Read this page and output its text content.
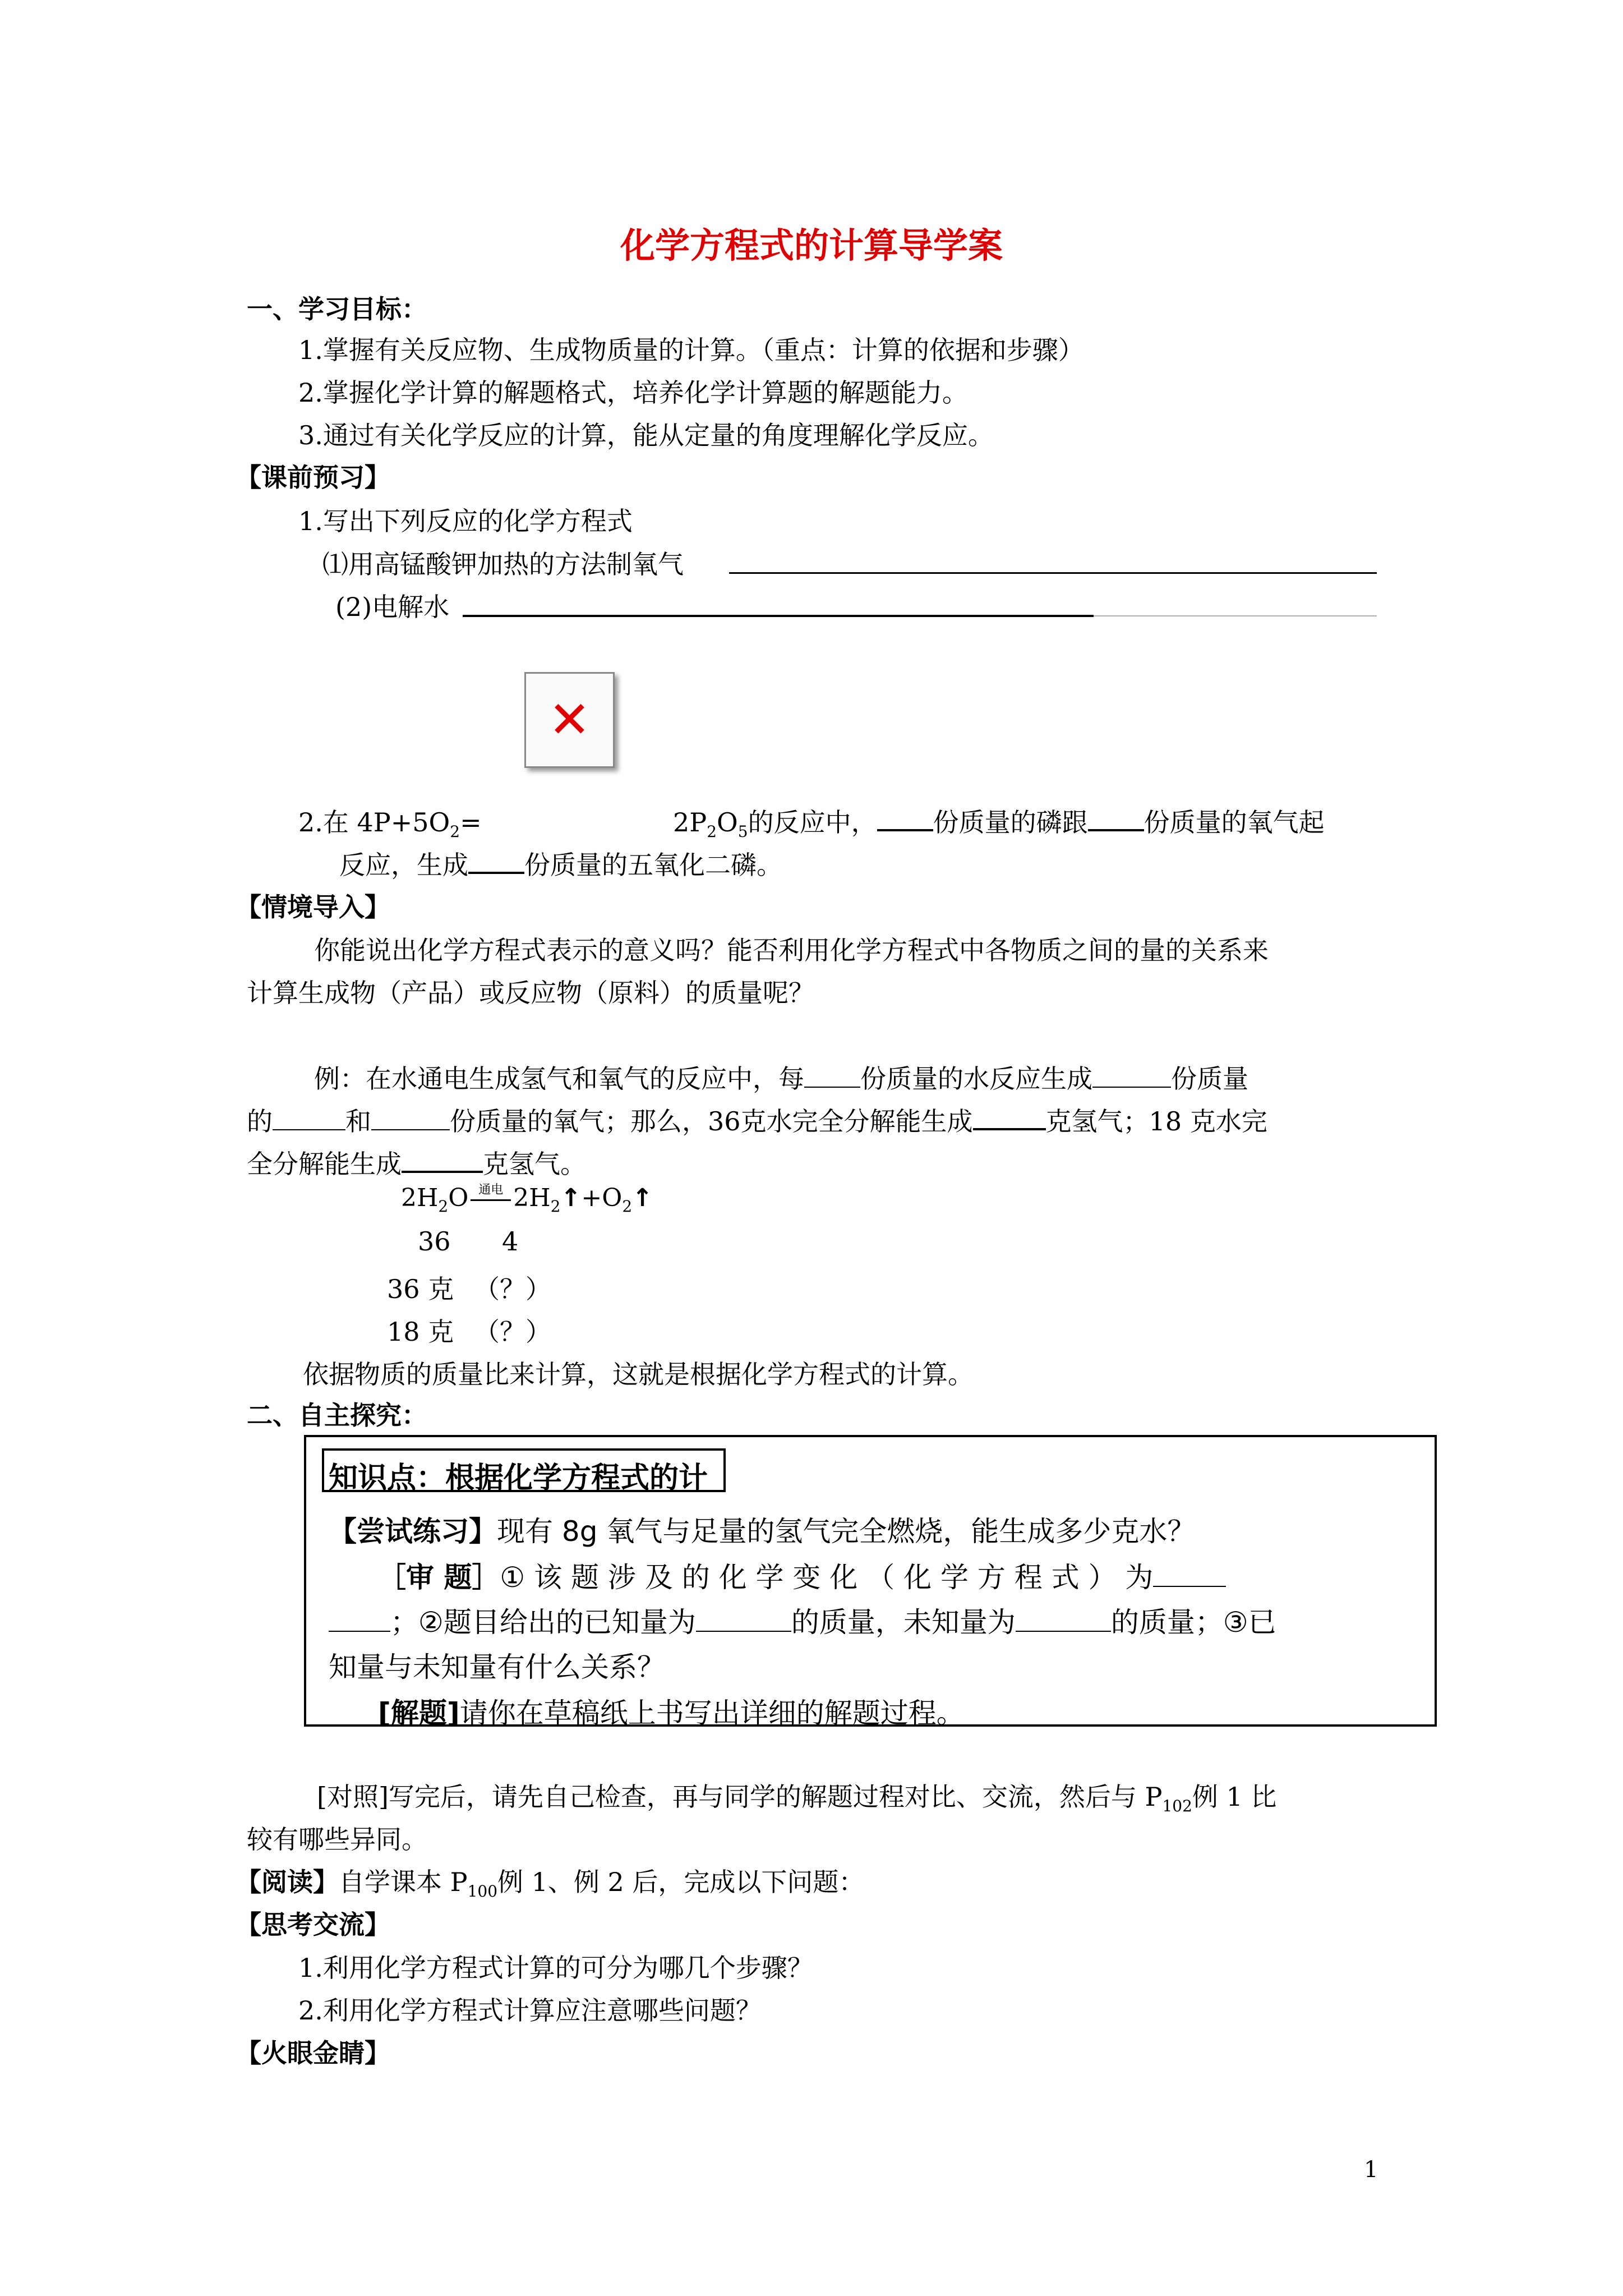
化学方程式的计算导学案
一、学习目标：
1.掌握有关反应物、生成物质量的计算。（重点：计算的依据和步骤）
2.掌握化学计算的解题格式，培养化学计算题的解题能力。
3.通过有关化学反应的计算，能从定量的角度理解化学反应。
【课前预习】
1.写出下列反应的化学方程式
⑴用高锰酸钾加热的方法制氧气
(2)电解水
✕
2.在 $4P+5O_2=$	$2P_2O_5$的反应中， 份质量的磷跟 份质量的氧气起
反应，生成 份质量的五氧化二磷。
【情境导入】
你能说出化学方程式表示的意义吗？能否利用化学方程式中各物质之间的量的关系来
计算生成物（产品）或反应物（原料）的质量呢？
例：在水通电生成氢气和氧气的反应中，每 份质量的水反应生成	份质量
的	和	份质量的氧气；那么，36克水完全分解能生成	克氢气；18 克水完
全分解能生成	克氢气。
$2H_2O$ 通电 $2H_2↑+O_2↑$
36 4
36 克 （？）
18 克 （？）
依据物质的质量比来计算，这就是根据化学方程式的计算。
二、自主探究：
知识点：根据化学方程式的计
【尝试练习】现有 8g 氧气与足量的氢气完全燃烧，能生成多少克水？
［审 题］① 该 题 涉 及 的 化 学 变 化 （ 化 学 方 程 式 ） 为
；②题目给出的已知量为	的质量，未知量为	的质量；③已
知量与未知量有什么关系？
[解题]请你在草稿纸上书写出详细的解题过程。
[对照]写完后，请先自己检查，再与同学的解题过程对比、交流，然后与 $P_{102}$例 1 比
较有哪些异同。
【阅读】自学课本 $P_{100}$例 1、例 2 后，完成以下问题：
【思考交流】
1.利用化学方程式计算的可分为哪几个步骤？
2.利用化学方程式计算应注意哪些问题？
【火眼金睛】
1
